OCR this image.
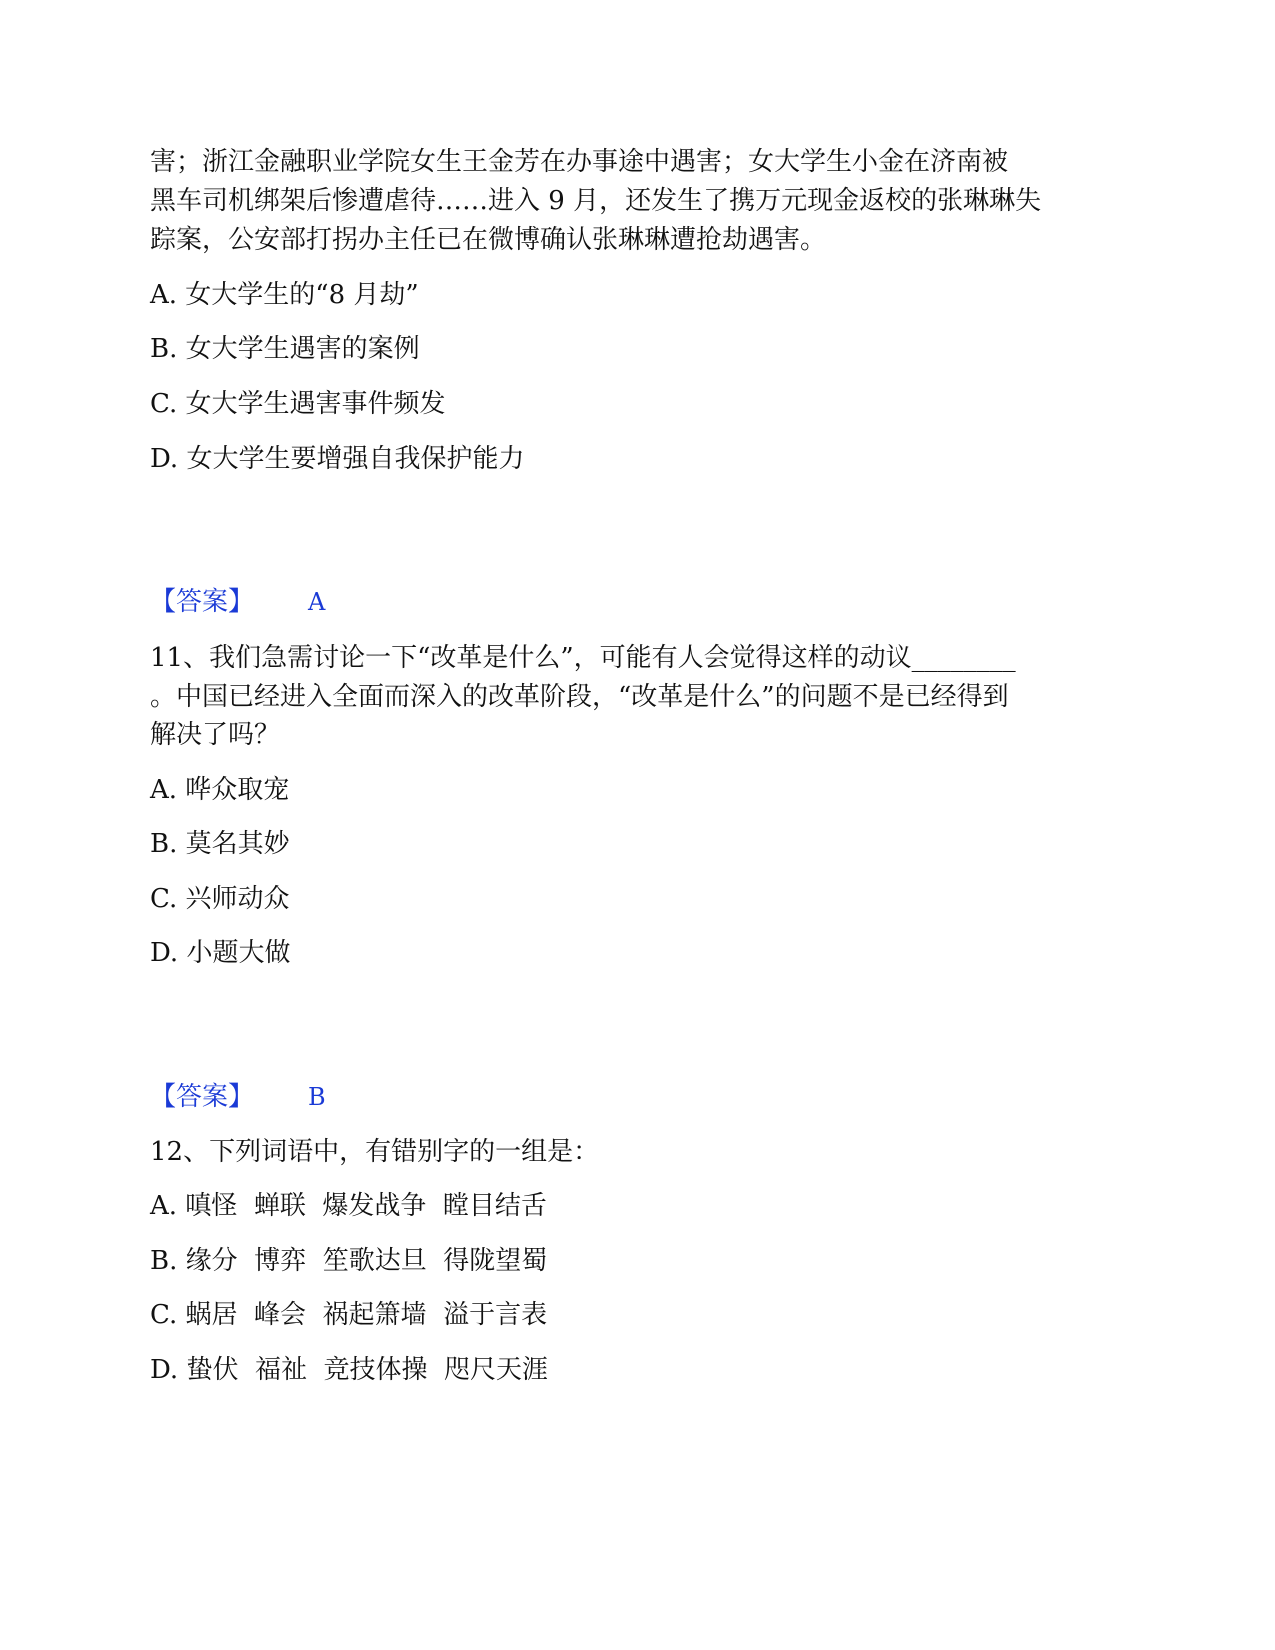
害；浙江金融职业学院女生王金芳在办事途中遇害；女大学生小金在济南被
黑车司机绑架后惨遭虐待……进入 9 月，还发生了携万元现金返校的张琳琳失
踪案，公安部打拐办主任已在微博确认张琳琳遭抢劫遇害。
A. 女大学生的“8 月劫”
B. 女大学生遇害的案例
C. 女大学生遇害事件频发
D. 女大学生要增强自我保护能力
【答案】 A
11、我们急需讨论一下“改革是什么”，可能有人会觉得这样的动议________
。中国已经进入全面而深入的改革阶段，“改革是什么”的问题不是已经得到
解决了吗？
A. 哗众取宠
B. 莫名其妙
C. 兴师动众
D. 小题大做
【答案】 B
12、下列词语中，有错别字的一组是：
A. 嗔怪  蝉联  爆发战争  瞠目结舌
B. 缘分  博弈  笙歌达旦  得陇望蜀
C. 蜗居  峰会  祸起箫墙  溢于言表
D. 蛰伏  福祉  竞技体操  咫尺天涯
